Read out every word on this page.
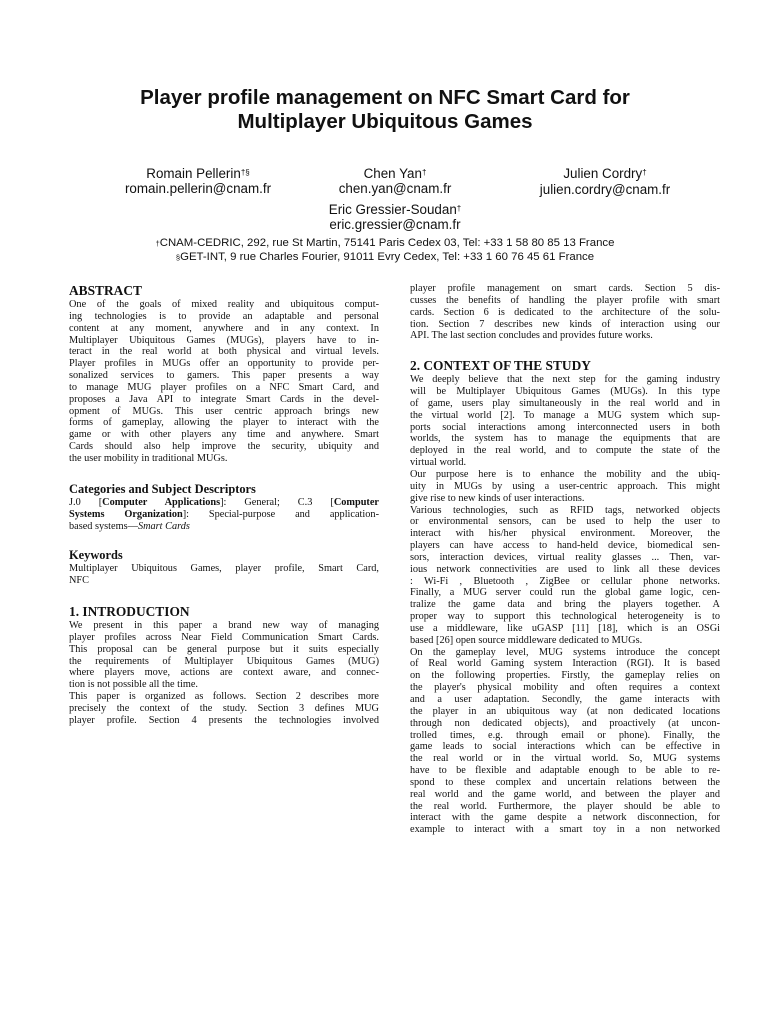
Player profile management on NFC Smart Card for
Multiplayer Ubiquitous Games
Romain Pellerin†§
romain.pellerin@cnam.fr
Chen Yan†
chen.yan@cnam.fr
Julien Cordry†
julien.cordry@cnam.fr
Eric Gressier-Soudan†
eric.gressier@cnam.fr
†CNAM-CEDRIC, 292, rue St Martin, 75141 Paris Cedex 03, Tel: +33 1 58 80 85 13 France
§GET-INT, 9 rue Charles Fourier, 91011 Evry Cedex, Tel: +33 1 60 76 45 61 France
ABSTRACT
One of the goals of mixed reality and ubiquitous comput-
ing technologies is to provide an adaptable and personal
content at any moment, anywhere and in any context. In
Multiplayer Ubiquitous Games (MUGs), players have to in-
teract in the real world at both physical and virtual levels.
Player profiles in MUGs offer an opportunity to provide per-
sonalized services to gamers. This paper presents a way
to manage MUG player profiles on a NFC Smart Card, and
proposes a Java API to integrate Smart Cards in the devel-
opment of MUGs. This user centric approach brings new
forms of gameplay, allowing the player to interact with the
game or with other players any time and anywhere. Smart
Cards should also help improve the security, ubiquity and
the user mobility in traditional MUGs.
Categories and Subject Descriptors
J.0 [Computer Applications]: General; C.3 [Computer
Systems Organization]: Special-purpose and application-
based systems—Smart Cards
Keywords
Multiplayer Ubiquitous Games, player profile, Smart Card,
NFC
1. INTRODUCTION
We present in this paper a brand new way of managing
player profiles across Near Field Communication Smart Cards.
This proposal can be general purpose but it suits especially
the requirements of Multiplayer Ubiquitous Games (MUG)
where players move, actions are context aware, and connec-
tion is not possible all the time.
This paper is organized as follows. Section 2 describes more
precisely the context of the study. Section 3 defines MUG
player profile. Section 4 presents the technologies involved
player profile management on smart cards. Section 5 dis-
cusses the benefits of handling the player profile with smart
cards. Section 6 is dedicated to the architecture of the solu-
tion. Section 7 describes new kinds of interaction using our
API. The last section concludes and provides future works.
2. CONTEXT OF THE STUDY
We deeply believe that the next step for the gaming industry
will be Multiplayer Ubiquitous Games (MUGs). In this type
of game, users play simultaneously in the real world and in
the virtual world [2]. To manage a MUG system which sup-
ports social interactions among interconnected users in both
worlds, the system has to manage the equipments that are
deployed in the real world, and to compute the state of the
virtual world.
Our purpose here is to enhance the mobility and the ubiq-
uity in MUGs by using a user-centric approach. This might
give rise to new kinds of user interactions.
Various technologies, such as RFID tags, networked objects
or environmental sensors, can be used to help the user to
interact with his/her physical environment. Moreover, the
players can have access to hand-held device, biomedical sen-
sors, interaction devices, virtual reality glasses ... Then, var-
ious network connectivities are used to link all these devices
: Wi-Fi , Bluetooth , ZigBee or cellular phone networks.
Finally, a MUG server could run the global game logic, cen-
tralize the game data and bring the players together. A
proper way to support this technological heterogeneity is to
use a middleware, like uGASP [11] [18], which is an OSGi
based [26] open source middleware dedicated to MUGs.
On the gameplay level, MUG systems introduce the concept
of Real world Gaming system Interaction (RGI). It is based
on the following properties. Firstly, the gameplay relies on
the player's physical mobility and often requires a context
and a user adaptation. Secondly, the game interacts with
the player in an ubiquitous way (at non dedicated locations
through non dedicated objects), and proactively (at uncon-
trolled times, e.g. through email or phone). Finally, the
game leads to social interactions which can be effective in
the real world or in the virtual world. So, MUG systems
have to be flexible and adaptable enough to be able to re-
spond to these complex and uncertain relations between the
real world and the game world, and between the player and
the real world. Furthermore, the player should be able to
interact with the game despite a network disconnection, for
example to interact with a smart toy in a non networked
